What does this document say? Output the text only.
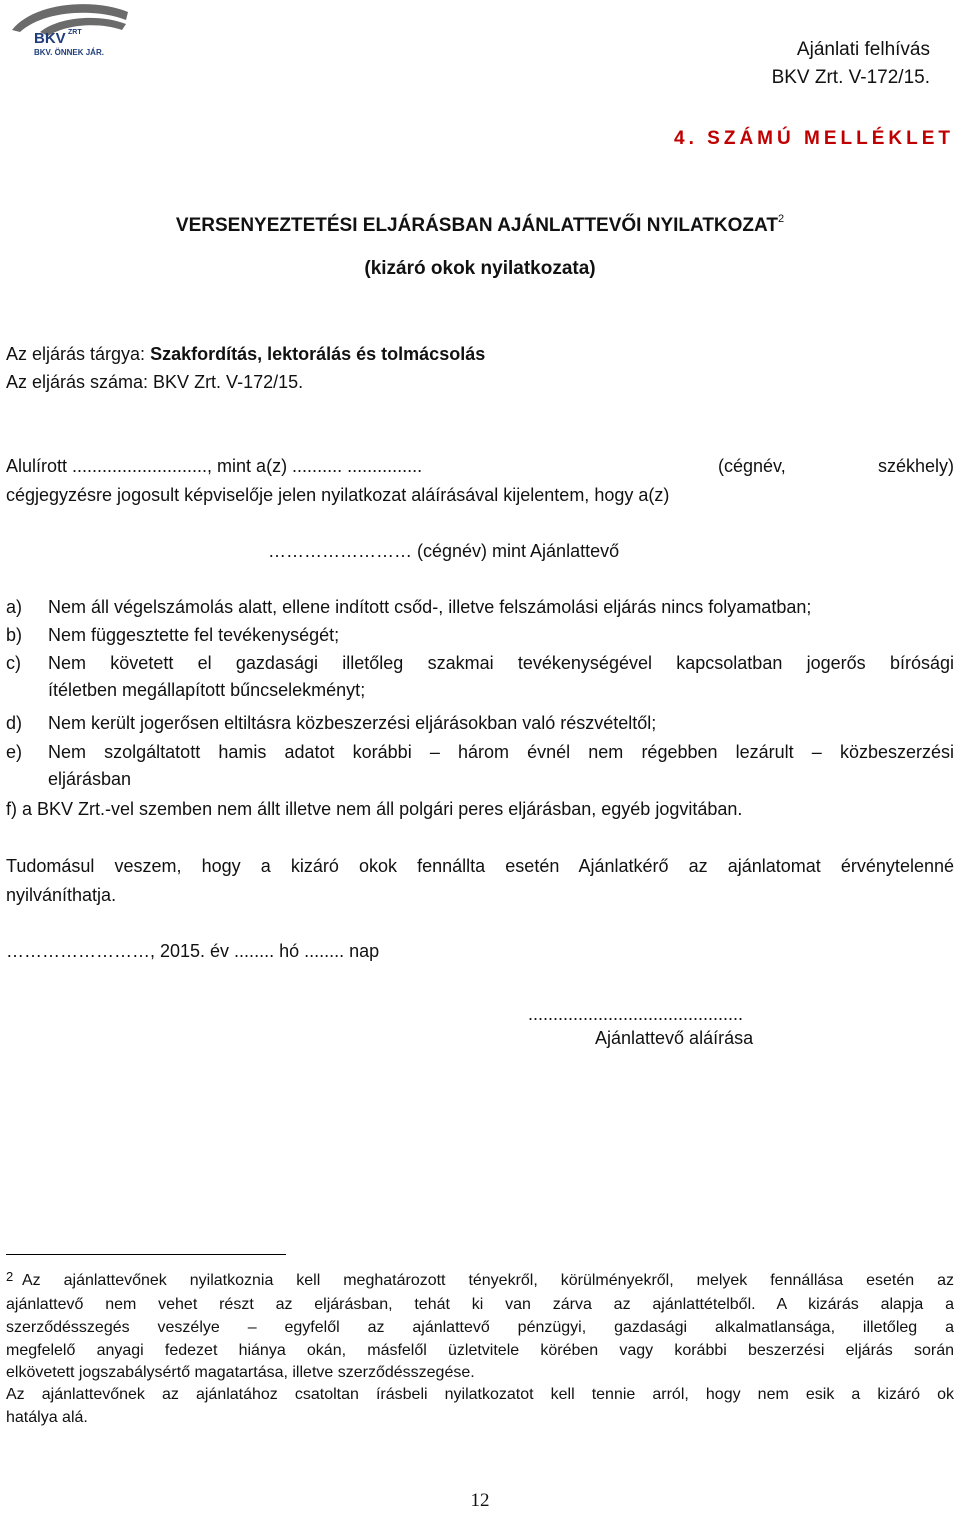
BKV ZRT
BKV. ÖNNEK JÁR.	Ajánlati felhívás
BKV Zrt. V-172/15.
4. SZÁMÚ MELLÉKLET
VERSENYEZTETÉSI ELJÁRÁSBAN AJÁNLATTEVŐI NYILATKOZAT$^2$
(kizáró okok nyilatkozata)
Az eljárás tárgya: Szakfordítás, lektorálás és tolmácsolás
Az eljárás száma: BKV Zrt. V-172/15.
Alulírott ..........................., mint a(z) .......... ...............	(cégnév,	székhely)
cégjegyzésre jogosult képviselője jelen nyilatkozat aláírásával kijelentem, hogy a(z)
…………………… (cégnév) mint Ajánlattevő
a) Nem áll végelszámolás alatt, ellene indított csőd-, illetve felszámolási eljárás nincs folyamatban;
b) Nem függesztette fel tevékenységét;
c)	Nem követett el gazdasági illetőleg szakmai tevékenységével kapcsolatban jogerős bírósági
ítéletben megállapított bűncselekményt;
d) Nem került jogerősen eltiltásra közbeszerzési eljárásokban való részvételtől;
e)	Nem szolgáltatott hamis adatot korábbi – három évnél nem régebben lezárult – közbeszerzési
eljárásban
f) a BKV Zrt.-vel szemben nem állt illetve nem áll polgári peres eljárásban, egyéb jogvitában.
Tudomásul veszem, hogy a kizáró okok fennállta esetén Ajánlatkérő az ajánlatomat érvénytelenné
nyilváníthatja.
……………………, 2015. év ........ hó ........ nap
...........................................
Ajánlattevő aláírása
$^2$ Az ajánlattevőnek nyilatkoznia kell meghatározott tényekről, körülményekről, melyek fennállása esetén az
ajánlattevő nem vehet részt az eljárásban, tehát ki van zárva az ajánlattételből. A kizárás alapja a
szerződésszegés veszélye – egyfelől az ajánlattevő pénzügyi, gazdasági alkalmatlansága, illetőleg a
megfelelő anyagi fedezet hiánya okán, másfelől üzletvitele körében vagy korábbi beszerzési eljárás során
elkövetett jogszabálysértő magatartása, illetve szerződésszegése.
Az ajánlattevőnek az ajánlatához csatoltan írásbeli nyilatkozatot kell tennie arról, hogy nem esik a kizáró ok
hatálya alá.
12
